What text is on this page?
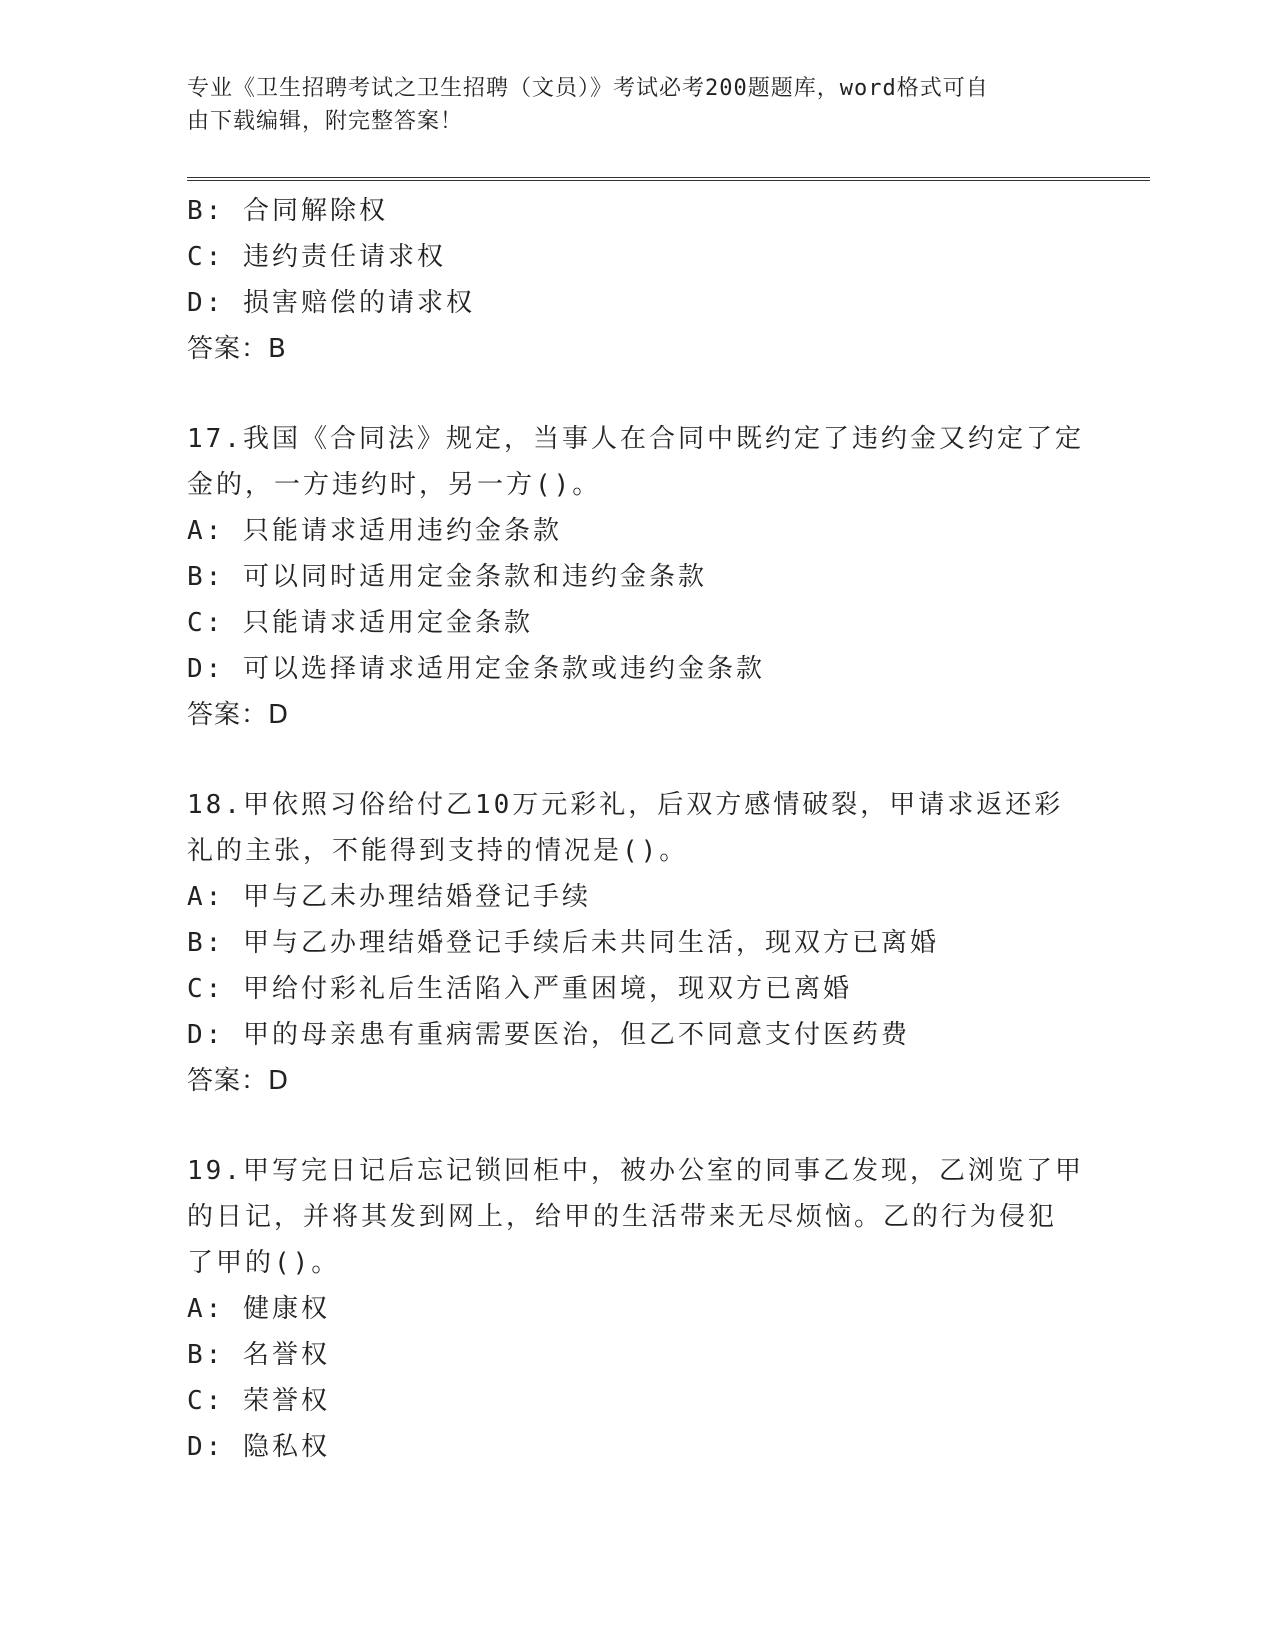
专业《卫生招聘考试之卫生招聘（文员）》考试必考200题题库，word格式可自
由下载编辑，附完整答案！
B: 合同解除权
C: 违约责任请求权
D: 损害赔偿的请求权
答案：B
17.我国《合同法》规定，当事人在合同中既约定了违约金又约定了定
金的，一方违约时，另一方()。
A: 只能请求适用违约金条款
B: 可以同时适用定金条款和违约金条款
C: 只能请求适用定金条款
D: 可以选择请求适用定金条款或违约金条款
答案：D
18.甲依照习俗给付乙10万元彩礼，后双方感情破裂，甲请求返还彩
礼的主张，不能得到支持的情况是()。
A: 甲与乙未办理结婚登记手续
B: 甲与乙办理结婚登记手续后未共同生活，现双方已离婚
C: 甲给付彩礼后生活陷入严重困境，现双方已离婚
D: 甲的母亲患有重病需要医治，但乙不同意支付医药费
答案：D
19.甲写完日记后忘记锁回柜中，被办公室的同事乙发现，乙浏览了甲
的日记，并将其发到网上，给甲的生活带来无尽烦恼。乙的行为侵犯
了甲的()。
A: 健康权
B: 名誉权
C: 荣誉权
D: 隐私权
